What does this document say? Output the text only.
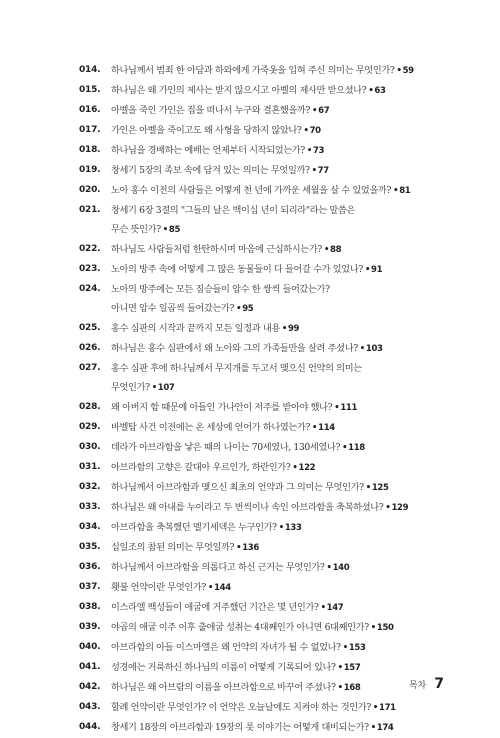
014.	하나님께서 범죄 한 아담과 하와에게 가죽옷을 입혀 주신 의미는 무엇인가? •59
015.	하나님은 왜 가인의 제사는 받지 않으시고 아벨의 제사만 받으셨나? •63
016.	아벨을 죽인 가인은 집을 떠나서 누구와 결혼했을까? •67
017.	가인은 아벨을 죽이고도 왜 사형을 당하지 않았나? •70
018.	하나님을 경배하는 예배는 언제부터 시작되었는가? •73
019.	창세기 5장의 족보 속에 담겨 있는 의미는 무엇일까? •77
020.	노아 홍수 이전의 사람들은 어떻게 천 년에 가까운 세월을 살 수 있었을까? •81
021.	창세기 6장 3절의 "그들의 날은 백이십 년이 되리라"라는 말씀은
무슨 뜻인가? •85
022.	하나님도 사람들처럼 한탄하시며 마음에 근심하시는가? •88
023.	노아의 방주 속에 어떻게 그 많은 동물들이 다 들어갈 수가 있었나? •91
024.	노아의 방주에는 모든 짐승들이 암수 한 쌍씩 들어갔는가?
아니면 암수 일곱씩 들어갔는가? •95
025.	홍수 심판의 시작과 끝까지 모든 일정과 내용 •99
026.	하나님은 홍수 심판에서 왜 노아와 그의 가족들만을 살려 주셨나? •103
027.	홍수 심판 후에 하나님께서 무지개를 두고서 맺으신 언약의 의미는
무엇인가? •107
028.	왜 아버지 함 때문에 아들인 가나안이 저주를 받아야 했나? •111
029.	바벨탑 사건 이전에는 온 세상에 언어가 하나였는가? •114
030.	데라가 아브라함을 낳은 때의 나이는 70세였나, 130세였나? •118
031.	아브라함의 고향은 갈대아 우르인가, 하란인가? •122
032.	하나님께서 아브라함과 맺으신 최초의 언약과 그 의미는 무엇인가? •125
033.	하나님은 왜 아내를 누이라고 두 번씩이나 속인 아브라함을 축복하셨나? •129
034.	아브라함을 축복했던 멜기세덱은 누구인가? •133
035.	십일조의 참된 의미는 무엇일까? •136
036.	하나님께서 아브라함을 의롭다고 하신 근거는 무엇인가? •140
037.	횃불 언약이란 무엇인가? •144
038.	이스라엘 백성들이 애굽에 거주했던 기간은 몇 년인가? •147
039.	야곱의 애굽 이주 이후 출애굽 성취는 4대째인가 아니면 6대째인가? •150
040.	아브라함의 아들 이스마엘은 왜 언약의 자녀가 될 수 없었나? •153
041.	성경에는 거룩하신 하나님의 이름이 어떻게 기록되어 있나? •157
042.	하나님은 왜 아브람의 이름을 아브라함으로 바꾸어 주셨나? •168
043.	할례 언약이란 무엇인가? 이 언약은 오늘날에도 지켜야 하는 것인가? •171
044.	창세기 18장의 아브라함과 19장의 롯 이야기는 어떻게 대비되는가? •174
목차 7
